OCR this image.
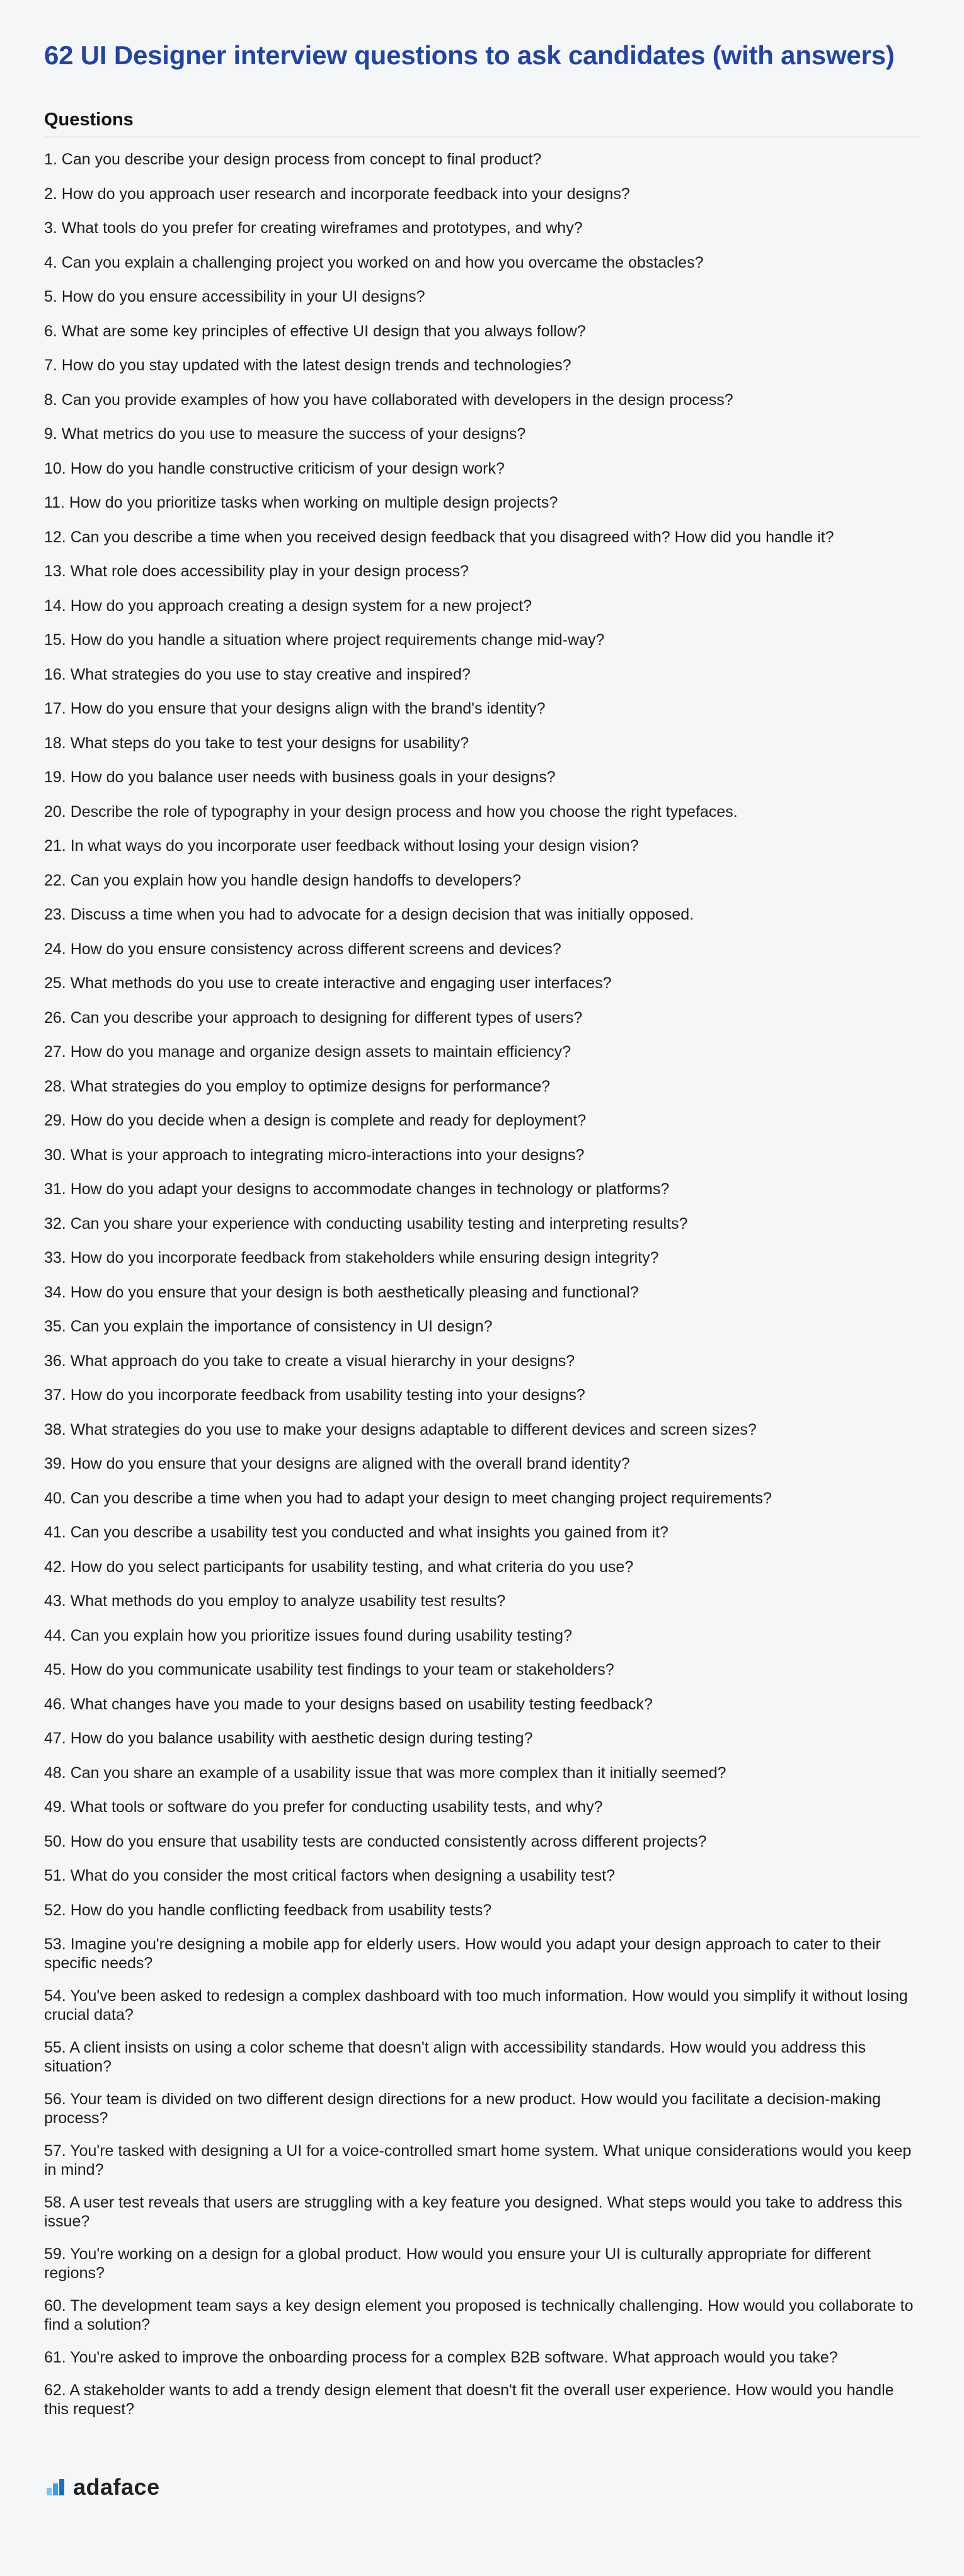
62 UI Designer interview questions to ask candidates (with answers)
Questions
1. Can you describe your design process from concept to final product?
2. How do you approach user research and incorporate feedback into your designs?
3. What tools do you prefer for creating wireframes and prototypes, and why?
4. Can you explain a challenging project you worked on and how you overcame the obstacles?
5. How do you ensure accessibility in your UI designs?
6. What are some key principles of effective UI design that you always follow?
7. How do you stay updated with the latest design trends and technologies?
8. Can you provide examples of how you have collaborated with developers in the design process?
9. What metrics do you use to measure the success of your designs?
10. How do you handle constructive criticism of your design work?
11. How do you prioritize tasks when working on multiple design projects?
12. Can you describe a time when you received design feedback that you disagreed with? How did you handle it?
13. What role does accessibility play in your design process?
14. How do you approach creating a design system for a new project?
15. How do you handle a situation where project requirements change mid-way?
16. What strategies do you use to stay creative and inspired?
17. How do you ensure that your designs align with the brand's identity?
18. What steps do you take to test your designs for usability?
19. How do you balance user needs with business goals in your designs?
20. Describe the role of typography in your design process and how you choose the right typefaces.
21. In what ways do you incorporate user feedback without losing your design vision?
22. Can you explain how you handle design handoffs to developers?
23. Discuss a time when you had to advocate for a design decision that was initially opposed.
24. How do you ensure consistency across different screens and devices?
25. What methods do you use to create interactive and engaging user interfaces?
26. Can you describe your approach to designing for different types of users?
27. How do you manage and organize design assets to maintain efficiency?
28. What strategies do you employ to optimize designs for performance?
29. How do you decide when a design is complete and ready for deployment?
30. What is your approach to integrating micro-interactions into your designs?
31. How do you adapt your designs to accommodate changes in technology or platforms?
32. Can you share your experience with conducting usability testing and interpreting results?
33. How do you incorporate feedback from stakeholders while ensuring design integrity?
34. How do you ensure that your design is both aesthetically pleasing and functional?
35. Can you explain the importance of consistency in UI design?
36. What approach do you take to create a visual hierarchy in your designs?
37. How do you incorporate feedback from usability testing into your designs?
38. What strategies do you use to make your designs adaptable to different devices and screen sizes?
39. How do you ensure that your designs are aligned with the overall brand identity?
40. Can you describe a time when you had to adapt your design to meet changing project requirements?
41. Can you describe a usability test you conducted and what insights you gained from it?
42. How do you select participants for usability testing, and what criteria do you use?
43. What methods do you employ to analyze usability test results?
44. Can you explain how you prioritize issues found during usability testing?
45. How do you communicate usability test findings to your team or stakeholders?
46. What changes have you made to your designs based on usability testing feedback?
47. How do you balance usability with aesthetic design during testing?
48. Can you share an example of a usability issue that was more complex than it initially seemed?
49. What tools or software do you prefer for conducting usability tests, and why?
50. How do you ensure that usability tests are conducted consistently across different projects?
51. What do you consider the most critical factors when designing a usability test?
52. How do you handle conflicting feedback from usability tests?
53. Imagine you're designing a mobile app for elderly users. How would you adapt your design approach to cater to their specific needs?
54. You've been asked to redesign a complex dashboard with too much information. How would you simplify it without losing crucial data?
55. A client insists on using a color scheme that doesn't align with accessibility standards. How would you address this situation?
56. Your team is divided on two different design directions for a new product. How would you facilitate a decision-making process?
57. You're tasked with designing a UI for a voice-controlled smart home system. What unique considerations would you keep in mind?
58. A user test reveals that users are struggling with a key feature you designed. What steps would you take to address this issue?
59. You're working on a design for a global product. How would you ensure your UI is culturally appropriate for different regions?
60. The development team says a key design element you proposed is technically challenging. How would you collaborate to find a solution?
61. You're asked to improve the onboarding process for a complex B2B software. What approach would you take?
62. A stakeholder wants to add a trendy design element that doesn't fit the overall user experience. How would you handle this request?
adaface
